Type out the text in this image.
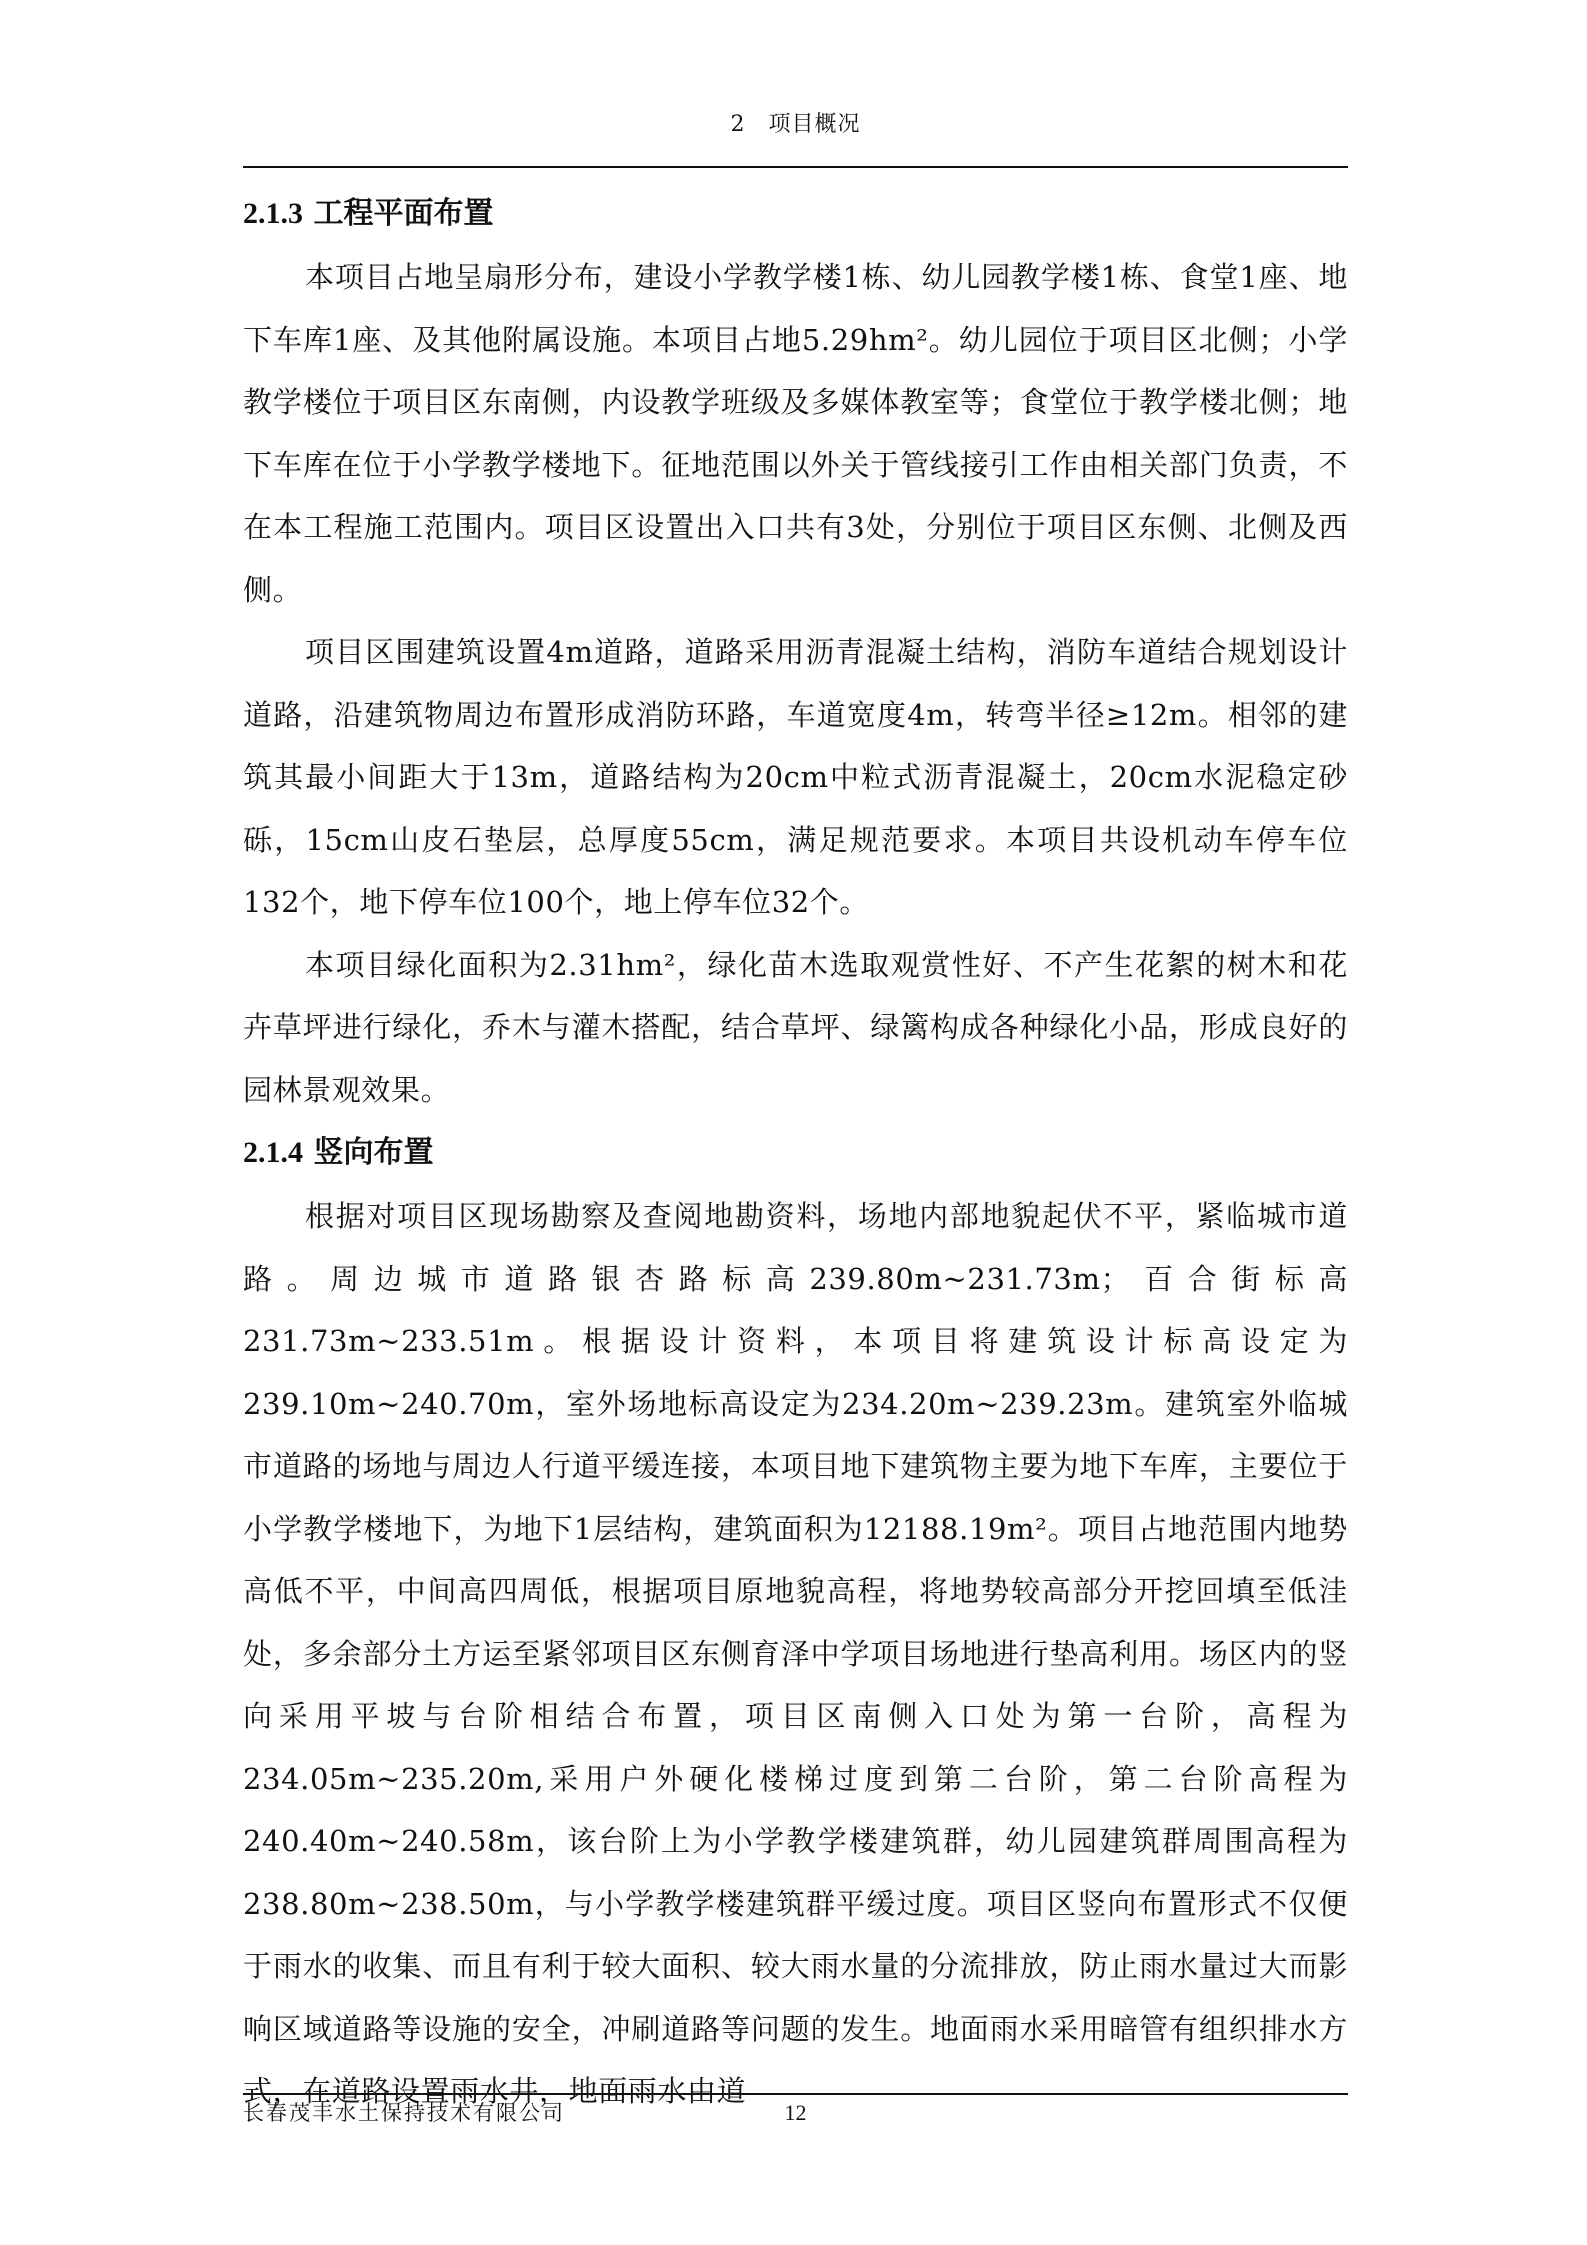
2　项目概况
2.1.3 工程平面布置

本项目占地呈扇形分布，建设小学教学楼1栋、幼儿园教学楼1栋、食堂1座、地下车库1座、及其他附属设施。本项目占地5.29hm²。幼儿园位于项目区北侧；小学教学楼位于项目区东南侧，内设教学班级及多媒体教室等；食堂位于教学楼北侧；地下车库在位于小学教学楼地下。征地范围以外关于管线接引工作由相关部门负责，不在本工程施工范围内。项目区设置出入口共有3处，分别位于项目区东侧、北侧及西侧。

项目区围建筑设置4m道路，道路采用沥青混凝土结构，消防车道结合规划设计道路，沿建筑物周边布置形成消防环路，车道宽度4m，转弯半径≥12m。相邻的建筑其最小间距大于13m，道路结构为20cm中粒式沥青混凝土，20cm水泥稳定砂砾，15cm山皮石垫层，总厚度55cm，满足规范要求。本项目共设机动车停车位132个，地下停车位100个，地上停车位32个。

本项目绿化面积为2.31hm²，绿化苗木选取观赏性好、不产生花絮的树木和花卉草坪进行绿化，乔木与灌木搭配，结合草坪、绿篱构成各种绿化小品，形成良好的园林景观效果。

2.1.4 竖向布置

根据对项目区现场勘察及查阅地勘资料，场地内部地貌起伏不平，紧临城市道路。周边城市道路银杏路标高239.80m~231.73m；百合街标高231.73m~233.51m。根据设计资料，本项目将建筑设计标高设定为239.10m~240.70m，室外场地标高设定为234.20m~239.23m。建筑室外临城市道路的场地与周边人行道平缓连接，本项目地下建筑物主要为地下车库，主要位于小学教学楼地下，为地下1层结构，建筑面积为12188.19m²。项目占地范围内地势高低不平，中间高四周低，根据项目原地貌高程，将地势较高部分开挖回填至低洼处，多余部分土方运至紧邻项目区东侧育泽中学项目场地进行垫高利用。场区内的竖向采用平坡与台阶相结合布置，项目区南侧入口处为第一台阶，高程为234.05m~235.20m,采用户外硬化楼梯过度到第二台阶，第二台阶高程为240.40m~240.58m，该台阶上为小学教学楼建筑群，幼儿园建筑群周围高程为238.80m~238.50m，与小学教学楼建筑群平缓过度。项目区竖向布置形式不仅便于雨水的收集、而且有利于较大面积、较大雨水量的分流排放，防止雨水量过大而影响区域道路等设施的安全，冲刷道路等问题的发生。地面雨水采用暗管有组织排水方式，在道路设置雨水井，地面雨水由道

长春茂丰水土保持技术有限公司	12
